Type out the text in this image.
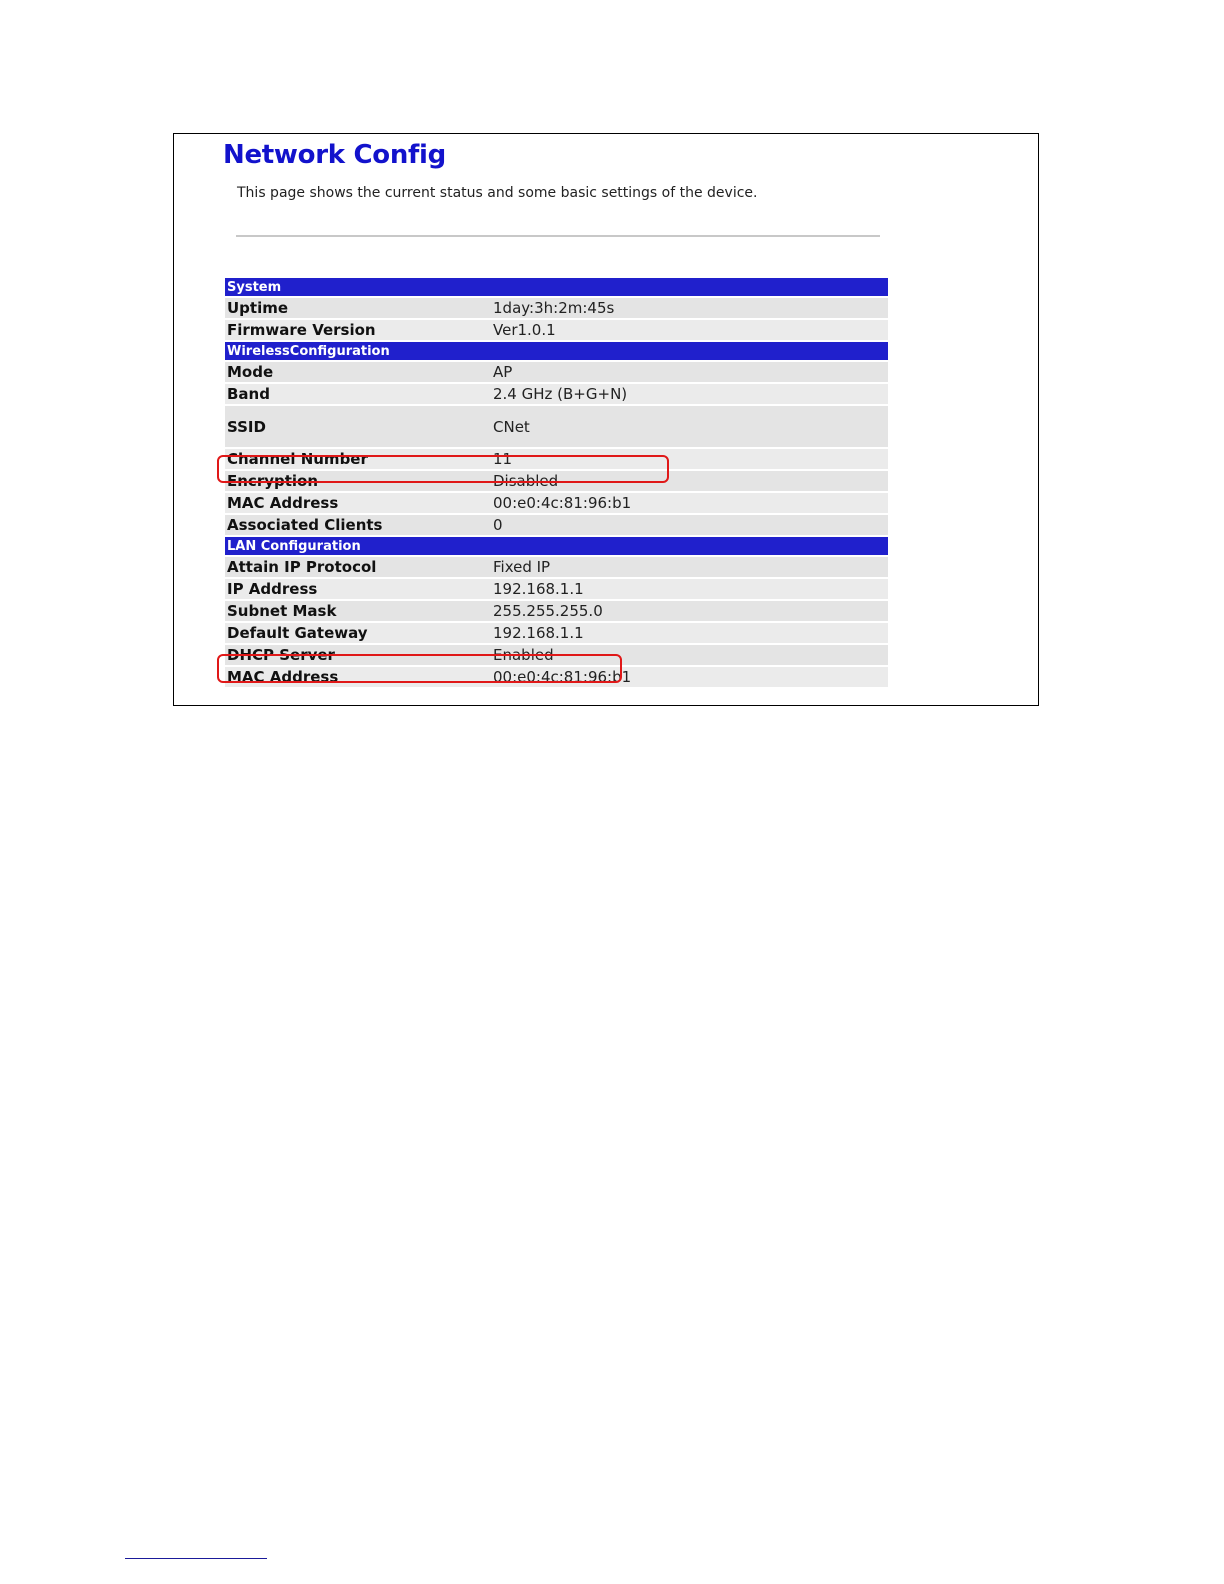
Network Config

This page shows the current status and some basic settings of the device.

System
Uptime	1day:3h:2m:45s
Firmware Version	Ver1.0.1
WirelessConfiguration
Mode	AP
Band	2.4 GHz (B+G+N)
SSID	CNet
Channel Number	11
Encryption	Disabled
MAC Address	00:e0:4c:81:96:b1
Associated Clients	0
LAN Configuration
Attain IP Protocol	Fixed IP
IP Address	192.168.1.1
Subnet Mask	255.255.255.0
Default Gateway	192.168.1.1
DHCP Server	Enabled
MAC Address	00:e0:4c:81:96:b1
